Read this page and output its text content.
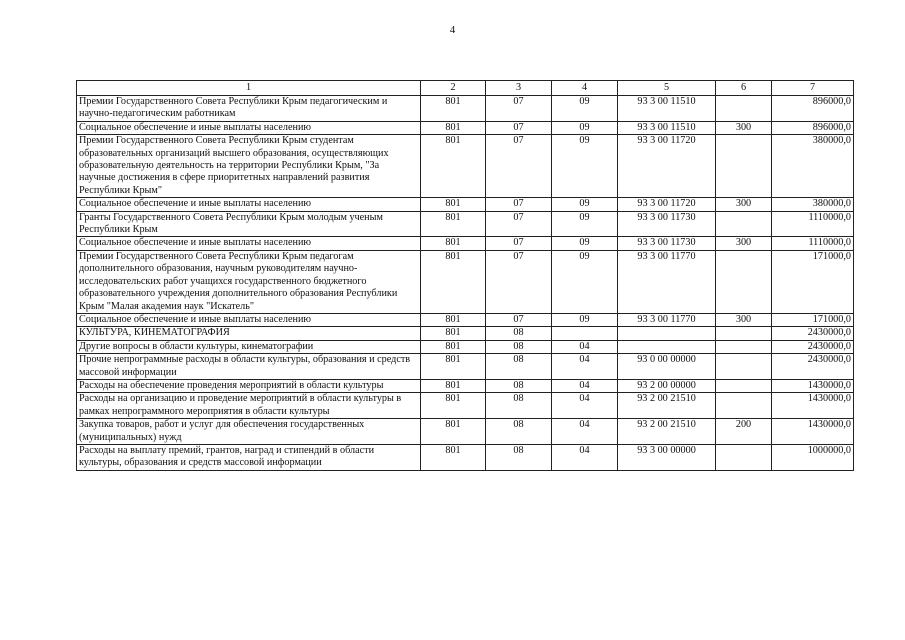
4
1	2	3	4	5	6	7
Премии Государственного Совета Республики Крым педагогическим и научно-педагогическим работникам	801	07	09	93 3 00 11510		896000,0
Социальное обеспечение и иные выплаты населению	801	07	09	93 3 00 11510	300	896000,0
Премии Государственного Совета Республики Крым студентам образовательных организаций высшего образования, осуществляющих образовательную деятельность на территории Республики Крым, "За научные достижения в сфере приоритетных направлений развития Республики Крым"	801	07	09	93 3 00 11720		380000,0
Социальное обеспечение и иные выплаты населению	801	07	09	93 3 00 11720	300	380000,0
Гранты Государственного Совета Республики Крым молодым ученым Республики Крым	801	07	09	93 3 00 11730		1110000,0
Социальное обеспечение и иные выплаты населению	801	07	09	93 3 00 11730	300	1110000,0
Премии Государственного Совета Республики Крым педагогам дополнительного образования, научным руководителям научно-исследовательских работ учащихся государственного бюджетного образовательного учреждения дополнительного образования Республики Крым "Малая академия наук "Искатель"	801	07	09	93 3 00 11770		171000,0
Социальное обеспечение и иные выплаты населению	801	07	09	93 3 00 11770	300	171000,0
КУЛЬТУРА, КИНЕМАТОГРАФИЯ	801	08				2430000,0
Другие вопросы в области культуры, кинематографии	801	08	04			2430000,0
Прочие непрограммные расходы в области культуры, образования и средств массовой информации	801	08	04	93 0 00 00000		2430000,0
Расходы на обеспечение проведения мероприятий в области культуры	801	08	04	93 2 00 00000		1430000,0
Расходы на организацию и проведение мероприятий в области культуры в рамках непрограммного мероприятия в области культуры	801	08	04	93 2 00 21510		1430000,0
Закупка товаров, работ и услуг для обеспечения государственных (муниципальных) нужд	801	08	04	93 2 00 21510	200	1430000,0
Расходы на выплату премий, грантов, наград и стипендий в области культуры, образования и средств массовой информации	801	08	04	93 3 00 00000		1000000,0
